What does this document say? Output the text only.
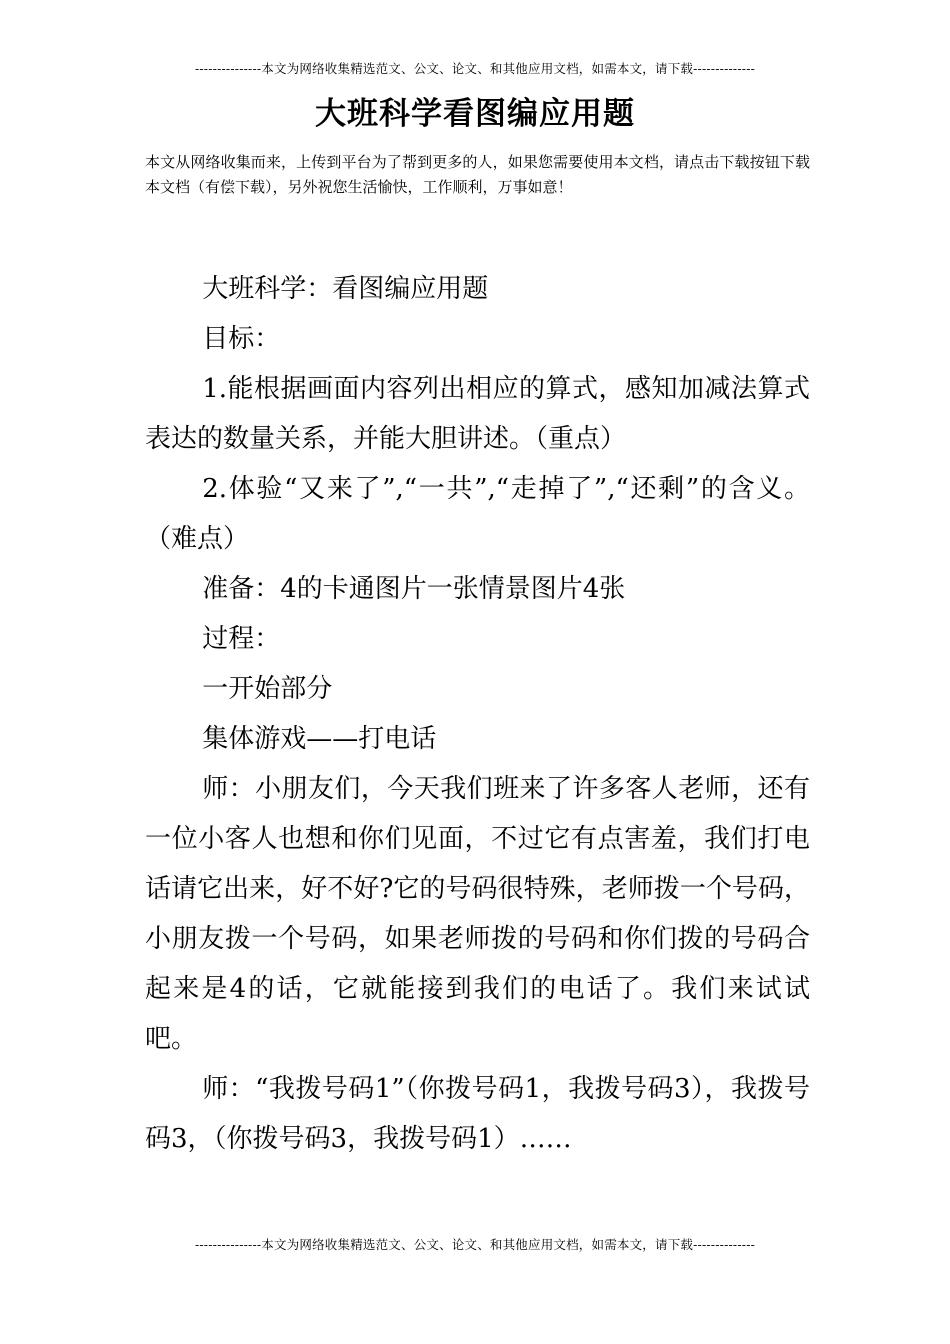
---------------本文为网络收集精选范文、公文、论文、和其他应用文档，如需本文，请下载--------------
大班科学看图编应用题

本文从网络收集而来，上传到平台为了帮到更多的人，如果您需要使用本文档，请点击下载按钮下载本文档（有偿下载），另外祝您生活愉快，工作顺利，万事如意！

大班科学：看图编应用题

目标：

1.能根据画面内容列出相应的算式，感知加减法算式表达的数量关系，并能大胆讲述。（重点）

2.体验“又来了”,“一共”,“走掉了”,“还剩”的含义。（难点）

准备：4的卡通图片一张情景图片4张

过程：

一开始部分

集体游戏——打电话

师：小朋友们，今天我们班来了许多客人老师，还有一位小客人也想和你们见面，不过它有点害羞，我们打电话请它出来，好不好?它的号码很特殊，老师拨一个号码，小朋友拨一个号码，如果老师拨的号码和你们拨的号码合起来是4的话，它就能接到我们的电话了。我们来试试吧。

师：“我拨号码1”（你拨号码1，我拨号码3），我拨号码3，（你拨号码3，我拨号码1）……

---------------本文为网络收集精选范文、公文、论文、和其他应用文档，如需本文，请下载--------------
